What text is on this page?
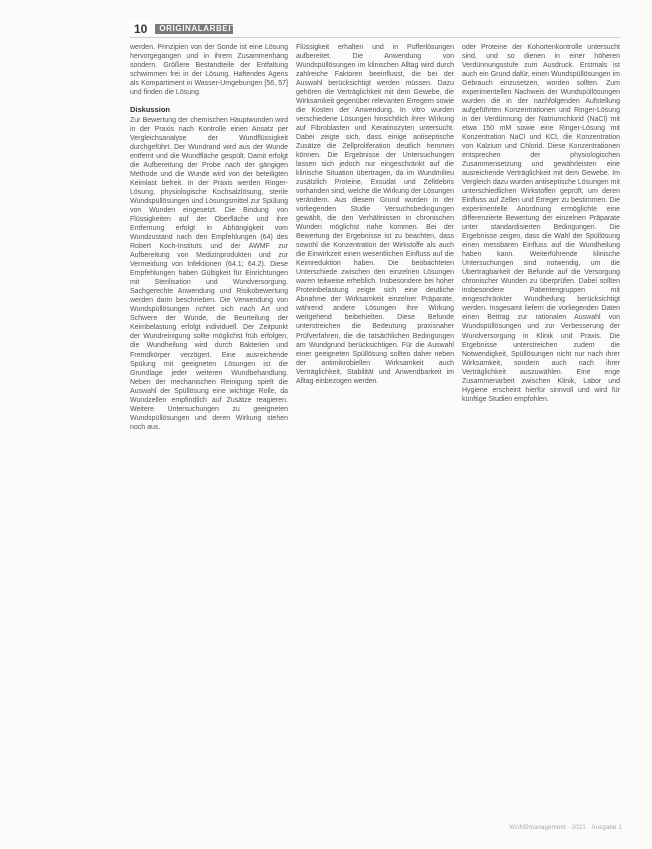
10	ORIGINALARBEIT

werden. Prinzipien von der Sonde ist eine Lösung hervorgegangen und in ihrem Zusammenhang sondern. Größere Bestandteile der Entfaltung schwimmen frei in der Lösung. Haftendes Agens als Kompartiment in Wasser-Umgebungen [56, 57] und finden die Lösung.

Diskussion

Zur Bewertung der chemischen Hauptwunden wird in der Praxis nach Kontrolle einen Ansatz per Vergleichsanalyse der Wundflüssigkeit durchgeführt. Der Wundrand wird aus der Wunde entfernt und die Wundfläche gespült. Damit erfolgt die Aufbereitung der Probe nach der gängigen Methode und die Wunde wird von der beteiligten Keimlast befreit. In der Praxis werden Ringer-Lösung, physiologische Kochsalzlösung, sterile Wundspüllösungen und Lösungsmittel zur Spülung von Wunden eingesetzt. Die Bindung von Flüssigkeiten auf der Oberfläche und ihre Entfernung erfolgt in Abhängigkeit vom Wundzustand nach den Empfehlungen (64) des Robert Koch-Instituts und der AWMF zur Aufbereitung von Medizinprodukten und zur Vermeidung von Infektionen (64.1; 64.2). Diese Empfehlungen haben Gültigkeit für Einrichtungen mit Sterilisation und Wundversorgung. Sachgerechte Anwendung und Risikobewertung werden darin beschrieben. Die Verwendung von Wundspüllösungen richtet sich nach Art und Schwere der Wunde, die Beurteilung der Keimbelastung erfolgt individuell. Der Zeitpunkt der Wundreinigung sollte möglichst früh erfolgen, die Wundheilung wird durch Bakterien und Fremdkörper verzögert. Eine ausreichende Spülung mit geeigneten Lösungen ist die Grundlage jeder weiteren Wundbehandlung. Neben der mechanischen Reinigung spielt die Auswahl der Spüllösung eine wichtige Rolle, da Wundzellen empfindlich auf Zusätze reagieren. Weitere Untersuchungen zu geeigneten Wundspüllösungen und deren Wirkung stehen noch aus.

Flüssigkeit erhalten und in Pufferlösungen aufbereitet. Die Anwendung von Wundspüllösungen im klinischen Alltag wird durch zahlreiche Faktoren beeinflusst, die bei der Auswahl berücksichtigt werden müssen. Dazu gehören die Verträglichkeit mit dem Gewebe, die Wirksamkeit gegenüber relevanten Erregern sowie die Kosten der Anwendung. In vitro wurden verschiedene Lösungen hinsichtlich ihrer Wirkung auf Fibroblasten und Keratinozyten untersucht. Dabei zeigte sich, dass einige antiseptische Zusätze die Zellproliferation deutlich hemmen können. Die Ergebnisse der Untersuchungen lassen sich jedoch nur eingeschränkt auf die klinische Situation übertragen, da im Wundmilieu zusätzlich Proteine, Exsudat und Zelldebris vorhanden sind, welche die Wirkung der Lösungen verändern. Aus diesem Grund wurden in der vorliegenden Studie Versuchsbedingungen gewählt, die den Verhältnissen in chronischen Wunden möglichst nahe kommen. Bei der Bewertung der Ergebnisse ist zu beachten, dass sowohl die Konzentration der Wirkstoffe als auch die Einwirkzeit einen wesentlichen Einfluss auf die Keimreduktion haben. Die beobachteten Unterschiede zwischen den einzelnen Lösungen waren teilweise erheblich. Insbesondere bei hoher Proteinbelastung zeigte sich eine deutliche Abnahme der Wirksamkeit einzelner Präparate, während andere Lösungen ihre Wirkung weitgehend beibehielten. Diese Befunde unterstreichen die Bedeutung praxisnaher Prüfverfahren, die die tatsächlichen Bedingungen am Wundgrund berücksichtigen. Für die Auswahl einer geeigneten Spüllösung sollten daher neben der antimikrobiellen Wirksamkeit auch Verträglichkeit, Stabilität und Anwendbarkeit im Alltag einbezogen werden.

oder Proteine der Kohortenkontrolle untersucht sind, und so dienen in einer höheren Verdünnungsstufe zum Ausdruck. Erstmals ist auch ein Grund dafür, einen Wundspüllösungen im Gebrauch einzusetzen, worden sollten. Zum experimentellen Nachweis der Wundspüllösungen wurden die in der nachfolgenden Aufstellung aufgeführten Konzentrationen und Ringer-Lösung in der Verdünnung der Natriumchlorid (NaCl) mit etwa 150 mM sowie eine Ringer-Lösung mit Konzentration NaCl und KCl, die Konzentration von Kalzium und Chlorid. Diese Konzentrationen entsprechen der physiologischen Zusammensetzung und gewährleisten eine ausreichende Verträglichkeit mit dem Gewebe. Im Vergleich dazu wurden antiseptische Lösungen mit unterschiedlichen Wirkstoffen geprüft, um deren Einfluss auf Zellen und Erreger zu bestimmen. Die experimentelle Anordnung ermöglichte eine differenzierte Bewertung der einzelnen Präparate unter standardisierten Bedingungen. Die Ergebnisse zeigen, dass die Wahl der Spüllösung einen messbaren Einfluss auf die Wundheilung haben kann. Weiterführende klinische Untersuchungen sind notwendig, um die Übertragbarkeit der Befunde auf die Versorgung chronischer Wunden zu überprüfen. Dabei sollten insbesondere Patientengruppen mit eingeschränkter Wundheilung berücksichtigt werden. Insgesamt liefern die vorliegenden Daten einen Beitrag zur rationalen Auswahl von Wundspüllösungen und zur Verbesserung der Wundversorgung in Klinik und Praxis. Die Ergebnisse unterstreichen zudem die Notwendigkeit, Spüllösungen nicht nur nach ihrer Wirksamkeit, sondern auch nach ihrer Verträglichkeit auszuwählen. Eine enge Zusammenarbeit zwischen Klinik, Labor und Hygiene erscheint hierfür sinnvoll und wird für künftige Studien empfohlen.

WUNDmanagement · 2021 · Ausgabe 1
